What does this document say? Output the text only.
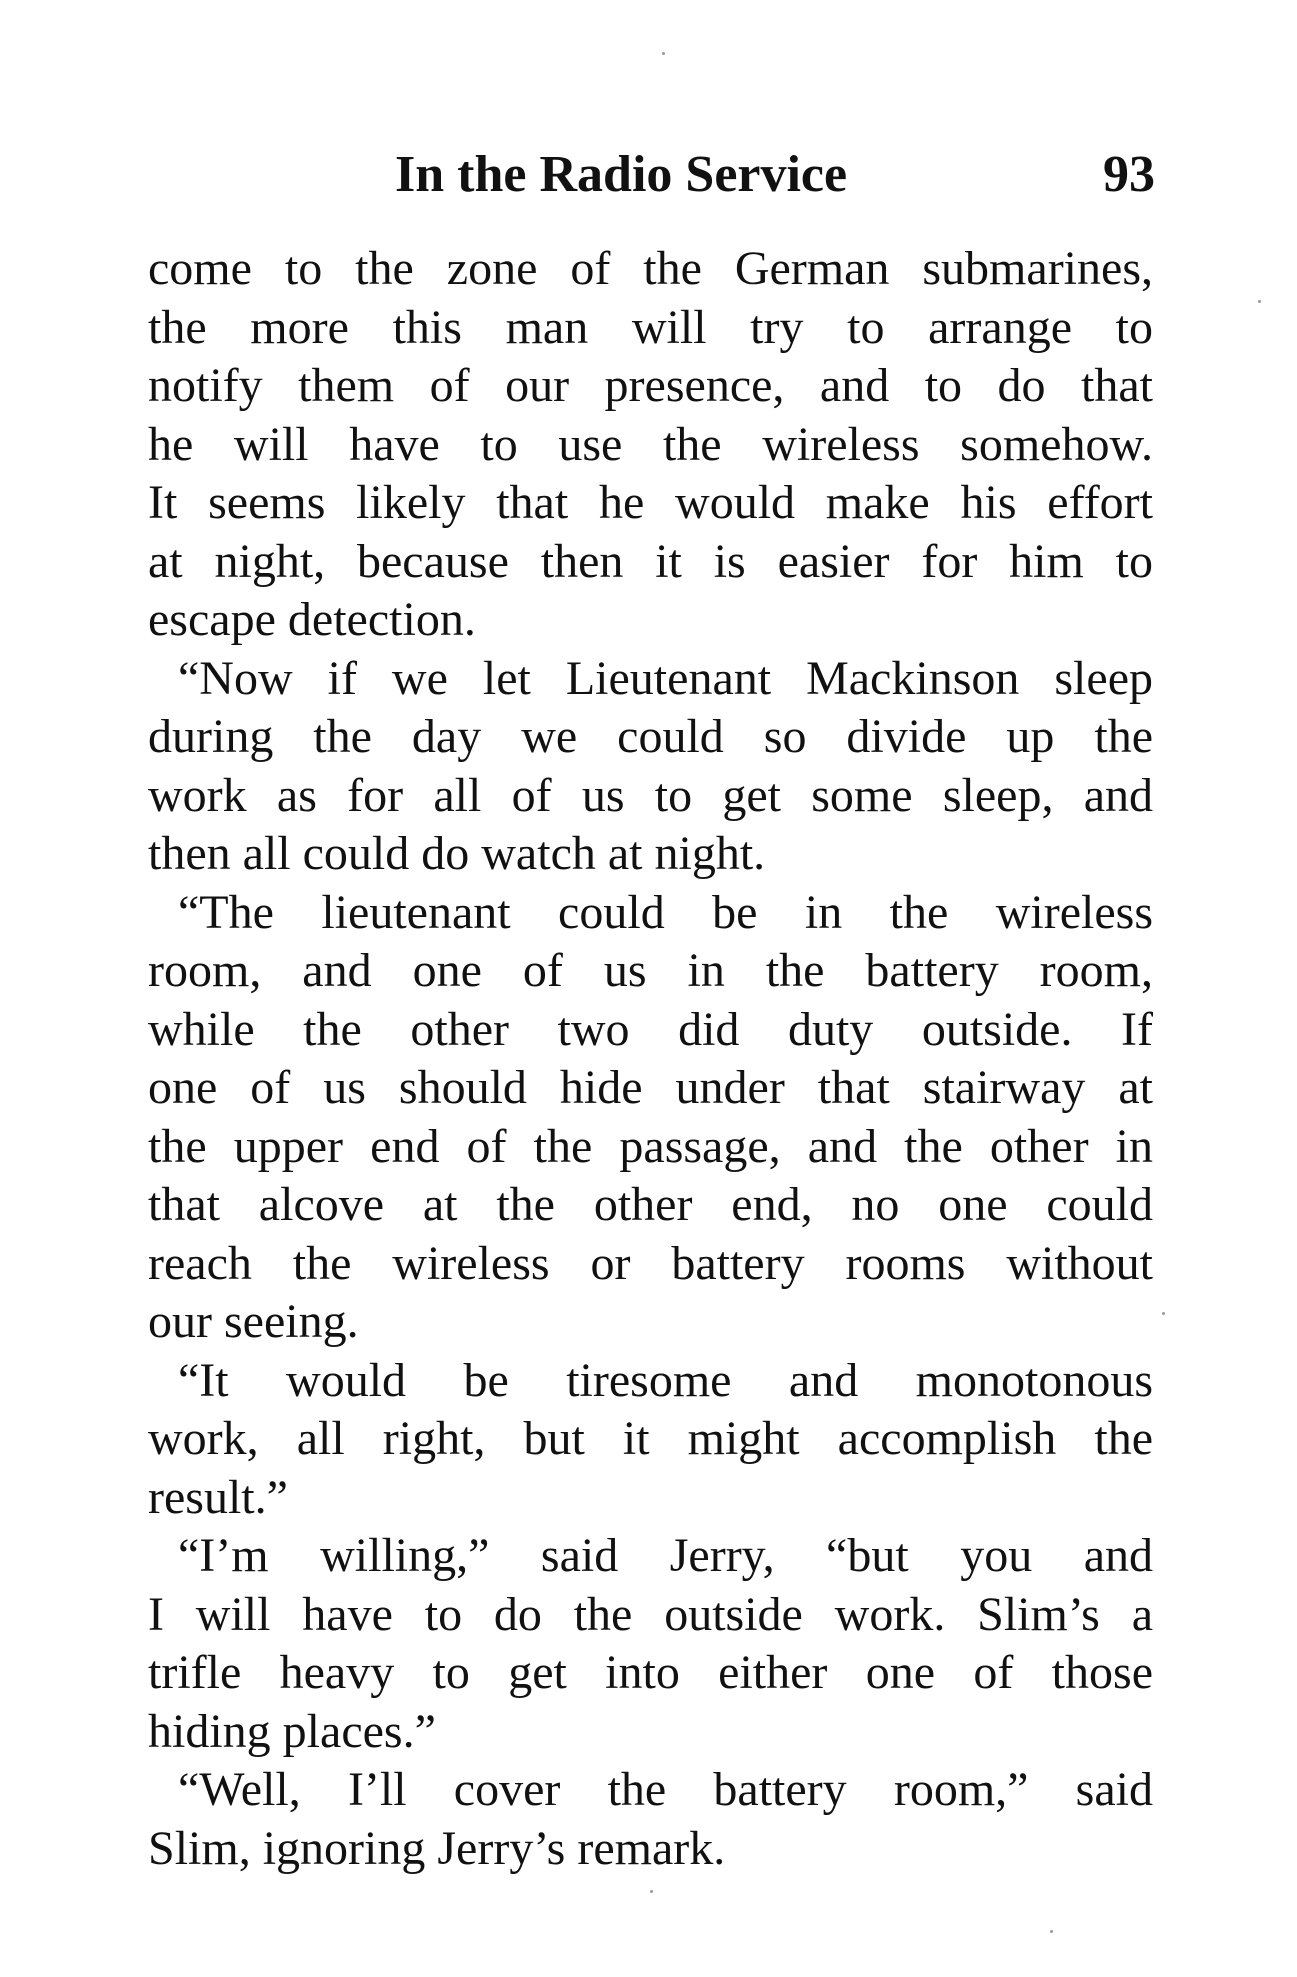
In the Radio Service	93
come to the zone of the German submarines,
the more this man will try to arrange to
notify them of our presence, and to do that
he will have to use the wireless somehow.
It seems likely that he would make his effort
at night, because then it is easier for him to
escape detection.
“Now if we let Lieutenant Mackinson sleep
during the day we could so divide up the
work as for all of us to get some sleep, and
then all could do watch at night.
“The lieutenant could be in the wireless
room, and one of us in the battery room,
while the other two did duty outside. If
one of us should hide under that stairway at
the upper end of the passage, and the other in
that alcove at the other end, no one could
reach the wireless or battery rooms without
our seeing.
“It would be tiresome and monotonous
work, all right, but it might accomplish the
result.”
“I’m willing,” said Jerry, “but you and
I will have to do the outside work. Slim’s a
trifle heavy to get into either one of those
hiding places.”
“Well, I’ll cover the battery room,” said
Slim, ignoring Jerry’s remark.
